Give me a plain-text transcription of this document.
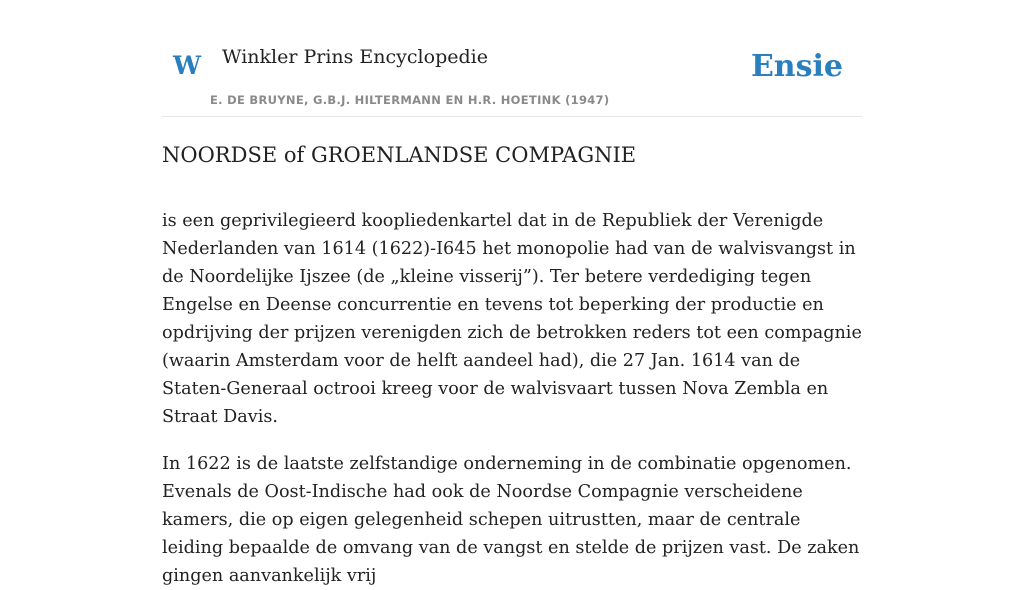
W Winkler Prins Encyclopedie
E. DE BRUYNE, G.B.J. HILTERMANN EN H.R. HOETINK (1947)
Ensie
NOORDSE of GROENLANDSE COMPAGNIE

is een geprivilegieerd koopliedenkartel dat in de Republiek der Verenigde Nederlanden van 1614 (1622)-I645 het monopolie had van de walvisvangst in de Noordelijke Ijszee (de „kleine visserij”). Ter betere verdediging tegen Engelse en Deense concurrentie en tevens tot beperking der productie en opdrijving der prijzen verenigden zich de betrokken reders tot een compagnie (waarin Amsterdam voor de helft aandeel had), die 27 Jan. 1614 van de Staten-Generaal octrooi kreeg voor de walvisvaart tussen Nova Zembla en Straat Davis.

In 1622 is de laatste zelfstandige onderneming in de combinatie opgenomen. Evenals de Oost-Indische had ook de Noordse Compagnie verscheidene kamers, die op eigen gelegenheid schepen uitrustten, maar de centrale leiding bepaalde de omvang van de vangst en stelde de prijzen vast. De zaken gingen aanvankelijk vrij
